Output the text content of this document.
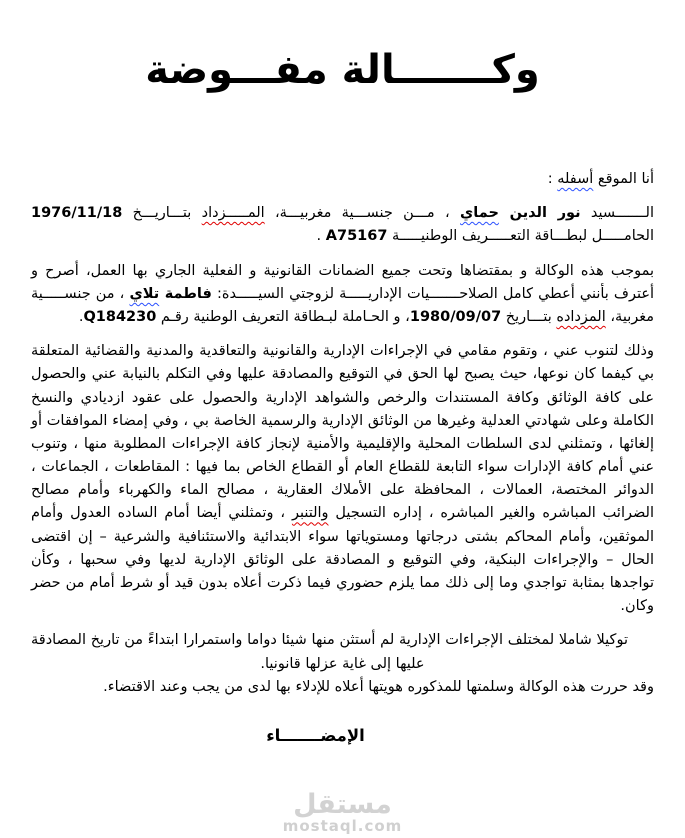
وكـــــــالة مفـــوضة

أنا الموقع أسفله :

الـــــــسيد نور الدين حماي ، مـــن جنســـية مغربيـــة، المـــــزداد بتـــاريـــخ 1976/11/18 الحامـــــل لبطـــاقة التعـــــريف الوطنيـــــة A75167 .

بموجب هذه الوكالة و بمقتضاها وتحت جميع الضمانات القانونية و الفعلية الجاري بها العمل، أصرح و أعترف بأنني أعطي كامل الصلاحـــــــيات الإداريـــــة لزوجتي السيـــــدة: فاطمة تلاي ، من جنســـــية مغربية، المزداده بتـــاريخ 1980/09/07، و الحـاملة لبـطاقة التعريف الوطنية رقـم Q184230.

وذلك لتنوب عني ، وتقوم مقامي في الإجراءات الإدارية والقانونية والتعاقدية والمدنية والقضائية المتعلقة بي كيفما كان نوعها، حيث يصبح لها الحق في التوقيع والمصادقة عليها وفي التكلم بالنيابة عني والحصول على كافة الوثائق وكافة المستندات والرخص والشواهد الإدارية والحصول على عقود ازديادي والنسخ الكاملة وعلى شهادتي العدلية وغيرها من الوثائق الإدارية والرسمية الخاصة بي ، وفي إمضاء الموافقات أو إلغائها ، وتمثلني لدى السلطات المحلية والإقليمية والأمنية لإنجاز كافة الإجراءات المطلوبة منها ، وتنوب عني أمام كافة الإدارات سواء التابعة للقطاع العام أو القطاع الخاص بما فيها : المقاطعات ، الجماعات ، الدوائر المختصة، العمالات ، المحافظة على الأملاك العقارية ، مصالح الماء والكهرباء وأمام مصالح الضرائب المباشره والغير المباشره ، إداره التسجيل والتنبر ، وتمثلني أيضا أمام الساده العدول وأمام الموثقين، وأمام المحاكم بشتى درجاتها ومستوياتها سواء الابتدائية والاستئنافية والشرعية – إن اقتضى الحال – والإجراءات البنكية، وفي التوقيع و المصادقة على الوثائق الإدارية لديها وفي سحبها ، وكأن تواجدها بمثابة تواجدي وما إلى ذلك مما يلزم حضوري فيما ذكرت أعلاه بدون قيد أو شرط أمام من حضر وكان.

توكيلا شاملا لمختلف الإجراءات الإدارية لم أستثن منها شيئا دواما واستمرارا ابتداءً من تاريخ المصادقة عليها إلى غاية عزلها قانونيا.

وقد حررت هذه الوكالة وسلمتها للمذكوره هويتها أعلاه للإدلاء بها لدى من يجب وعند الاقتضاء.

الإمضـــــــاء
مستقل
mostaql.com
